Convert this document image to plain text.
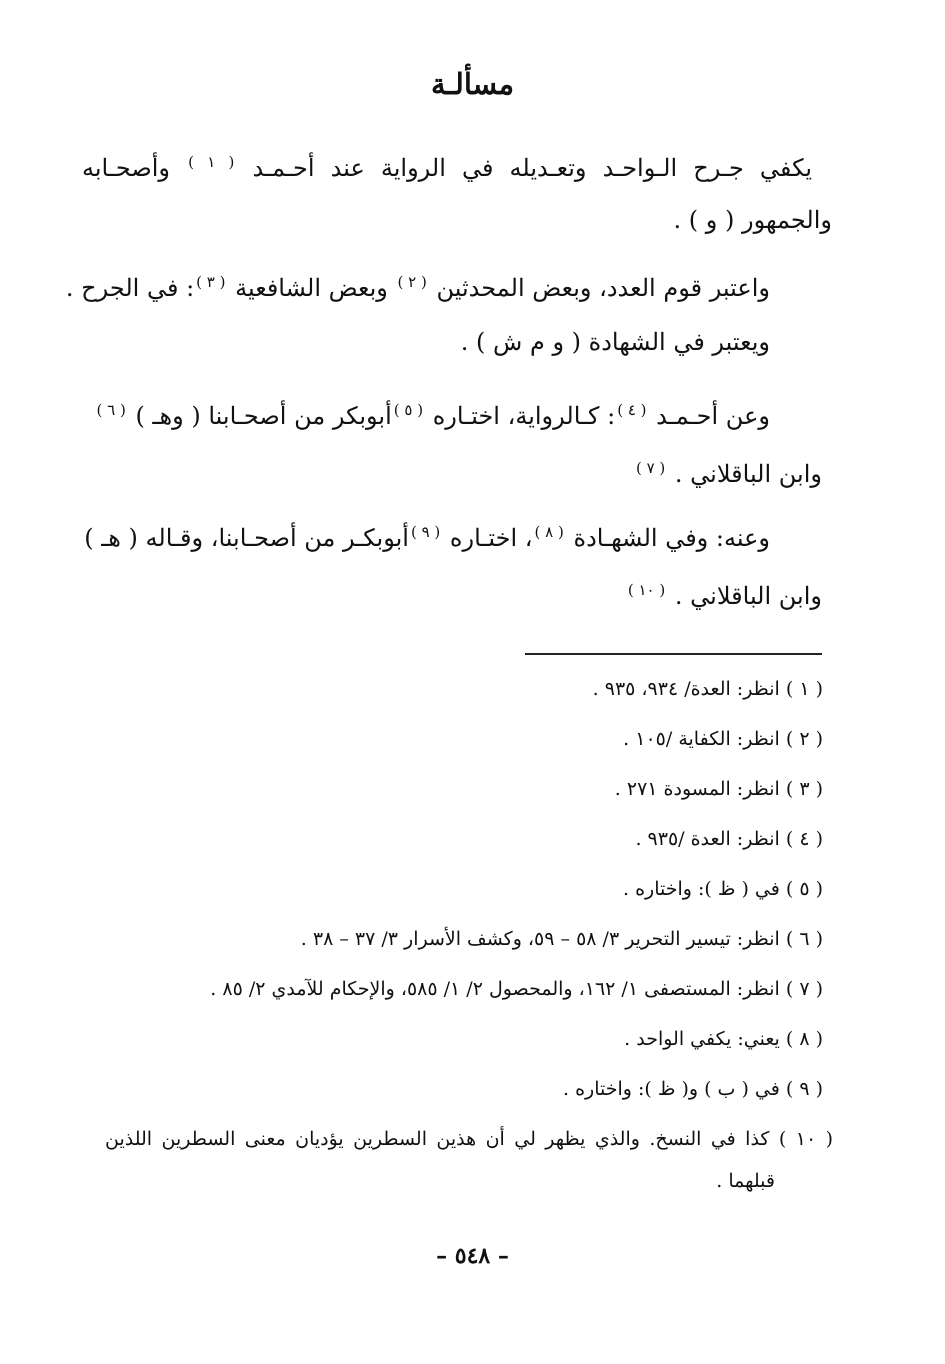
مسألـة
يكفي جـرح الـواحـد وتعـديله في الرواية عند أحـمـد $^{( ١ )}$ وأصحـابه
والجمهور ( و ) .
واعتبر قوم العدد، وبعض المحدثين $^{( ٢ )}$ وبعض الشافعية $^{( ٣ )}$: في الجرح .
ويعتبر في الشهادة ( و م ش ) .
وعن أحـمـد $^{( ٤ )}$: كـالرواية، اختـاره $^{( ٥ )}$أبوبكر من أصحـابنا ( وهـ ) $^{( ٦ )}$
وابن الباقلاني . $^{( ٧ )}$
وعنه: وفي الشهـادة $^{( ٨ )}$، اختـاره $^{( ٩ )}$أبوبكـر من أصحـابنا، وقـاله ( هـ )
وابن الباقلاني . $^{( ١٠ )}$
( ١ ) انظر: العدة/ ٩٣٤، ٩٣٥ .
( ٢ ) انظر: الكفاية /١٠٥ .
( ٣ ) انظر: المسودة ٢٧١ .
( ٤ ) انظر: العدة /٩٣٥ .
( ٥ ) في ( ظ ): واختاره .
( ٦ ) انظر: تيسير التحرير ٣/ ٥٨ – ٥٩، وكشف الأسرار ٣/ ٣٧ – ٣٨ .
( ٧ ) انظر: المستصفى ١/ ١٦٢، والمحصول ٢/ ١/ ٥٨٥، والإحكام للآمدي ٢/ ٨٥ .
( ٨ ) يعني: يكفي الواحد .
( ٩ ) في ( ب ) و( ظ ): واختاره .
( ١٠ ) كذا في النسخ. والذي يظهر لي أن هذين السطرين يؤديان معنى السطرين اللذين
قبلهما .
– ٥٤٨ –
